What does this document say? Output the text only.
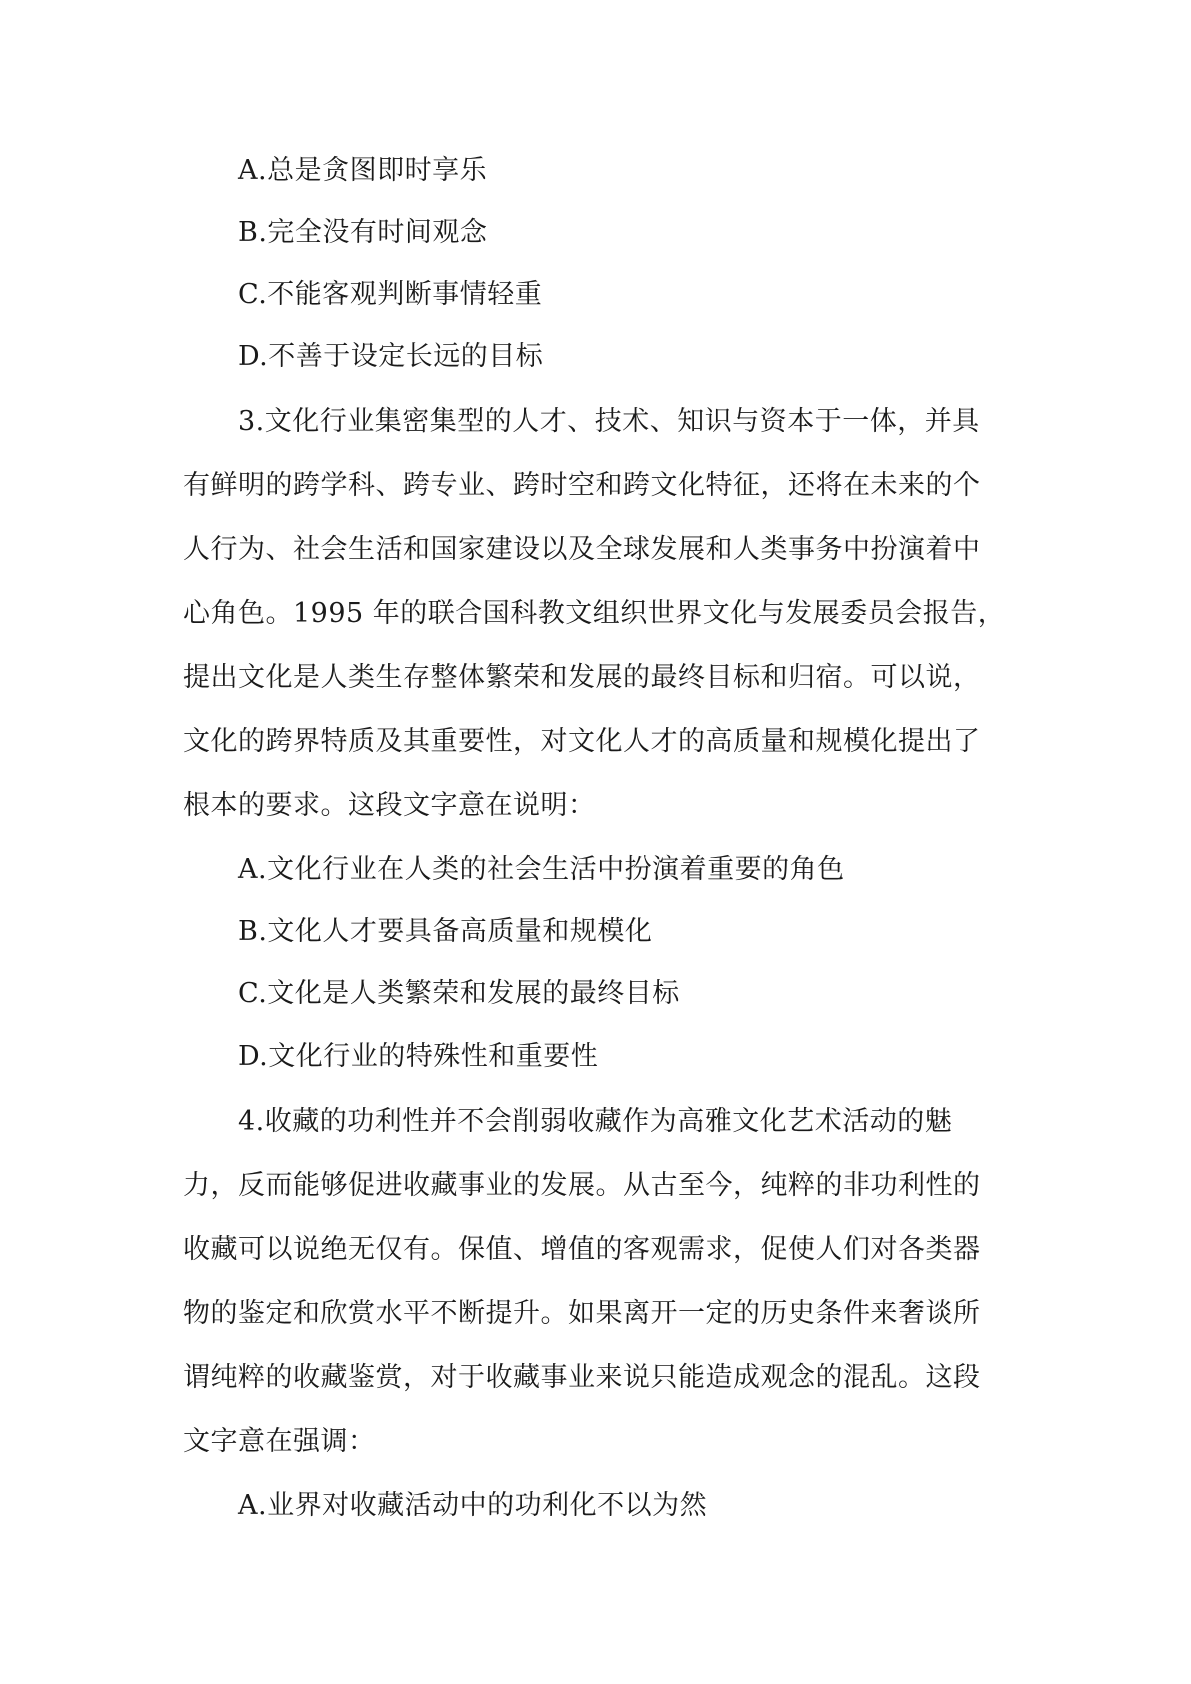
A.总是贪图即时享乐
B.完全没有时间观念
C.不能客观判断事情轻重
D.不善于设定长远的目标
3.文化行业集密集型的人才、技术、知识与资本于一体，并具
有鲜明的跨学科、跨专业、跨时空和跨文化特征，还将在未来的个
人行为、社会生活和国家建设以及全球发展和人类事务中扮演着中
心角色。1995 年的联合国科教文组织世界文化与发展委员会报告，
提出文化是人类生存整体繁荣和发展的最终目标和归宿。可以说，
文化的跨界特质及其重要性，对文化人才的高质量和规模化提出了
根本的要求。这段文字意在说明：
A.文化行业在人类的社会生活中扮演着重要的角色
B.文化人才要具备高质量和规模化
C.文化是人类繁荣和发展的最终目标
D.文化行业的特殊性和重要性
4.收藏的功利性并不会削弱收藏作为高雅文化艺术活动的魅
力，反而能够促进收藏事业的发展。从古至今，纯粹的非功利性的
收藏可以说绝无仅有。保值、增值的客观需求，促使人们对各类器
物的鉴定和欣赏水平不断提升。如果离开一定的历史条件来奢谈所
谓纯粹的收藏鉴赏，对于收藏事业来说只能造成观念的混乱。这段
文字意在强调：
A.业界对收藏活动中的功利化不以为然
